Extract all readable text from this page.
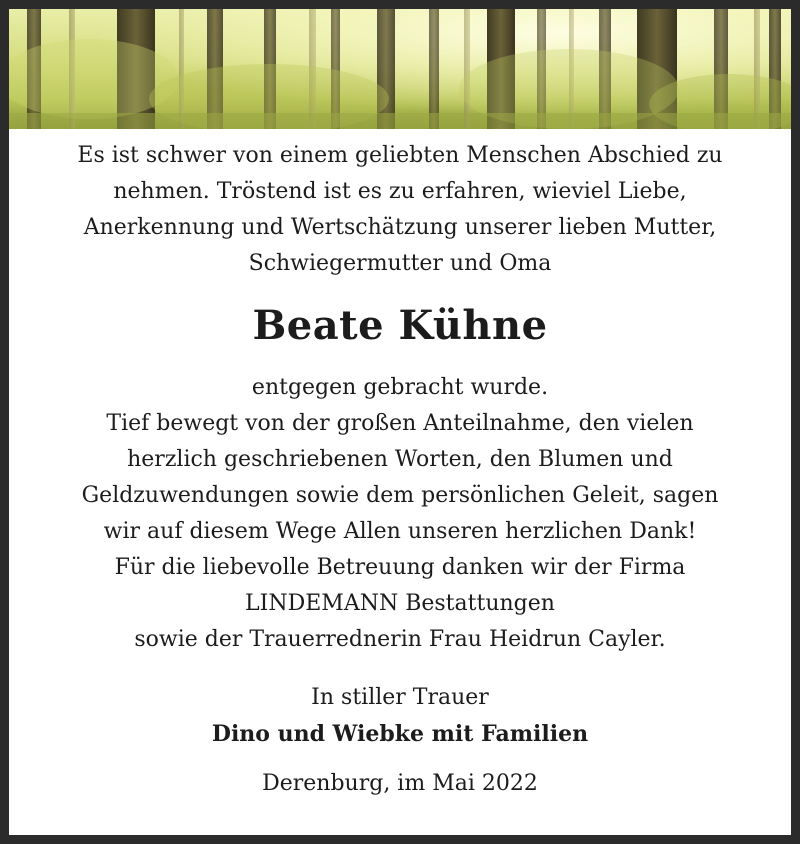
Es ist schwer von einem geliebten Menschen Abschied zu

nehmen. Tröstend ist es zu erfahren, wieviel Liebe,

Anerkennung und Wertschätzung unserer lieben Mutter,

Schwiegermutter und Oma

Beate Kühne

entgegen gebracht wurde.

Tief bewegt von der großen Anteilnahme, den vielen

herzlich geschriebenen Worten, den Blumen und

Geldzuwendungen sowie dem persönlichen Geleit, sagen

wir auf diesem Wege Allen unseren herzlichen Dank!

Für die liebevolle Betreuung danken wir der Firma

LINDEMANN Bestattungen

sowie der Trauerrednerin Frau Heidrun Cayler.

In stiller Trauer

Dino und Wiebke mit Familien

Derenburg, im Mai 2022
